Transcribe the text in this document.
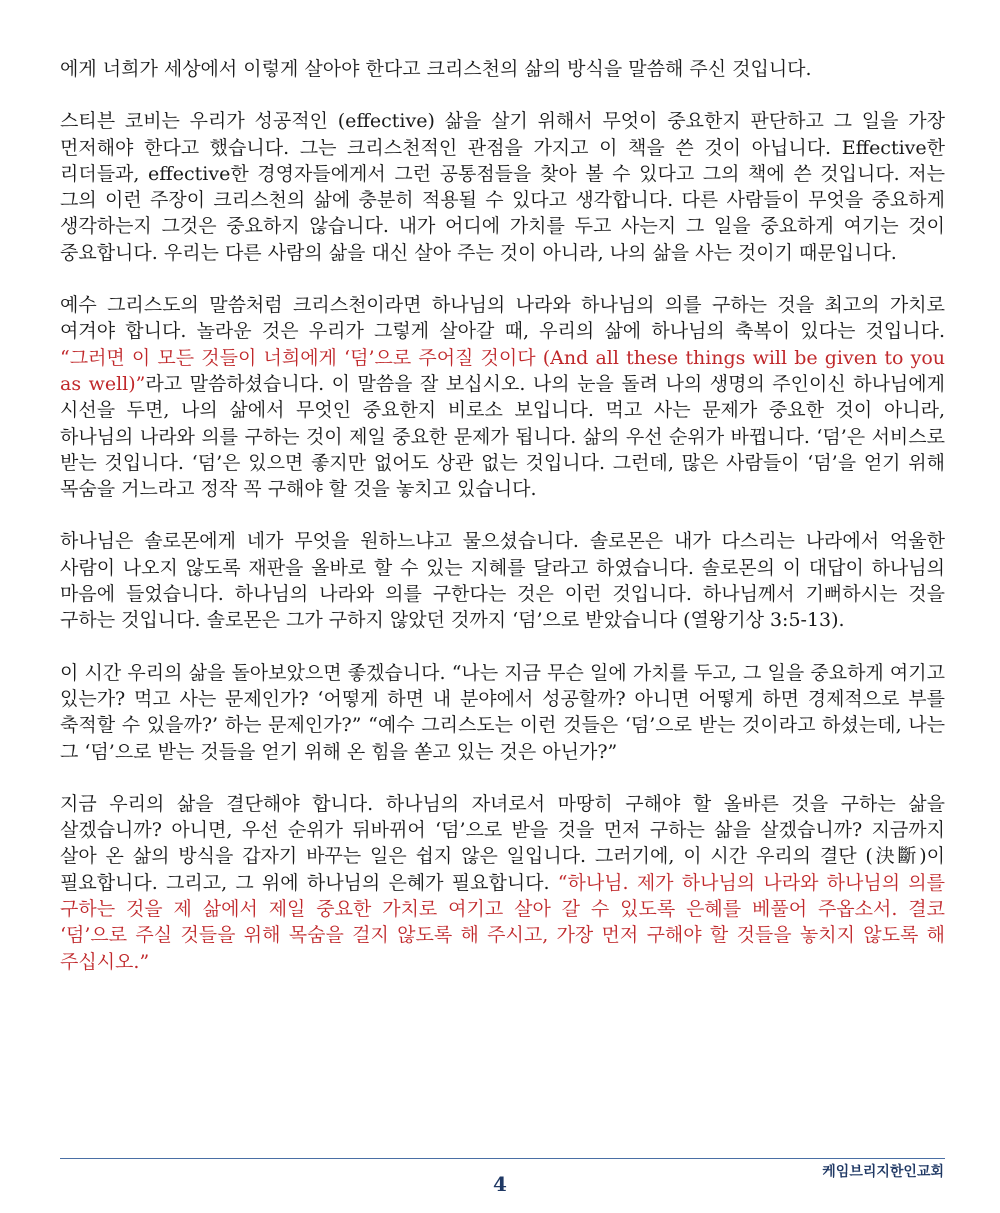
에게 너희가 세상에서 이렇게 살아야 한다고 크리스천의 삶의 방식을 말씀해 주신 것입니다.

스티븐 코비는 우리가 성공적인 (effective) 삶을 살기 위해서 무엇이 중요한지 판단하고 그 일을 가장 먼저해야 한다고 했습니다. 그는 크리스천적인 관점을 가지고 이 책을 쓴 것이 아닙니다. Effective한 리더들과, effective한 경영자들에게서 그런 공통점들을 찾아 볼 수 있다고 그의 책에 쓴 것입니다. 저는 그의 이런 주장이 크리스천의 삶에 충분히 적용될 수 있다고 생각합니다. 다른 사람들이 무엇을 중요하게 생각하는지 그것은 중요하지 않습니다. 내가 어디에 가치를 두고 사는지 그 일을 중요하게 여기는 것이 중요합니다. 우리는 다른 사람의 삶을 대신 살아 주는 것이 아니라, 나의 삶을 사는 것이기 때문입니다.

예수 그리스도의 말씀처럼 크리스천이라면 하나님의 나라와 하나님의 의를 구하는 것을 최고의 가치로 여겨야 합니다. 놀라운 것은 우리가 그렇게 살아갈 때, 우리의 삶에 하나님의 축복이 있다는 것입니다. “그러면 이 모든 것들이 너희에게 ‘덤’으로 주어질 것이다 (And all these things will be given to you as well)”라고 말씀하셨습니다. 이 말씀을 잘 보십시오. 나의 눈을 돌려 나의 생명의 주인이신 하나님에게 시선을 두면, 나의 삶에서 무엇인 중요한지 비로소 보입니다. 먹고 사는 문제가 중요한 것이 아니라, 하나님의 나라와 의를 구하는 것이 제일 중요한 문제가 됩니다. 삶의 우선 순위가 바뀝니다. ‘덤’은 서비스로 받는 것입니다. ‘덤’은 있으면 좋지만 없어도 상관 없는 것입니다. 그런데, 많은 사람들이 ‘덤’을 얻기 위해 목숨을 거느라고 정작 꼭 구해야 할 것을 놓치고 있습니다.

하나님은 솔로몬에게 네가 무엇을 원하느냐고 물으셨습니다. 솔로몬은 내가 다스리는 나라에서 억울한 사람이 나오지 않도록 재판을 올바로 할 수 있는 지혜를 달라고 하였습니다. 솔로몬의 이 대답이 하나님의 마음에 들었습니다. 하나님의 나라와 의를 구한다는 것은 이런 것입니다. 하나님께서 기뻐하시는 것을 구하는 것입니다. 솔로몬은 그가 구하지 않았던 것까지 ‘덤’으로 받았습니다 (열왕기상 3:5-13).

이 시간 우리의 삶을 돌아보았으면 좋겠습니다. “나는 지금 무슨 일에 가치를 두고, 그 일을 중요하게 여기고 있는가? 먹고 사는 문제인가? ‘어떻게 하면 내 분야에서 성공할까? 아니면 어떻게 하면 경제적으로 부를 축적할 수 있을까?’ 하는 문제인가?” “예수 그리스도는 이런 것들은 ‘덤’으로 받는 것이라고 하셨는데, 나는 그 ‘덤’으로 받는 것들을 얻기 위해 온 힘을 쏟고 있는 것은 아닌가?”

지금 우리의 삶을 결단해야 합니다. 하나님의 자녀로서 마땅히 구해야 할 올바른 것을 구하는 삶을 살겠습니까? 아니면, 우선 순위가 뒤바뀌어 ‘덤’으로 받을 것을 먼저 구하는 삶을 살겠습니까? 지금까지 살아 온 삶의 방식을 갑자기 바꾸는 일은 쉽지 않은 일입니다. 그러기에, 이 시간 우리의 결단 (決斷)이 필요합니다. 그리고, 그 위에 하나님의 은혜가 필요합니다. “하나님. 제가 하나님의 나라와 하나님의 의를 구하는 것을 제 삶에서 제일 중요한 가치로 여기고 살아 갈 수 있도록 은혜를 베풀어 주옵소서. 결코 ‘덤’으로 주실 것들을 위해 목숨을 걸지 않도록 해 주시고, 가장 먼저 구해야 할 것들을 놓치지 않도록 해 주십시오.”

케임브리지한인교회
4
